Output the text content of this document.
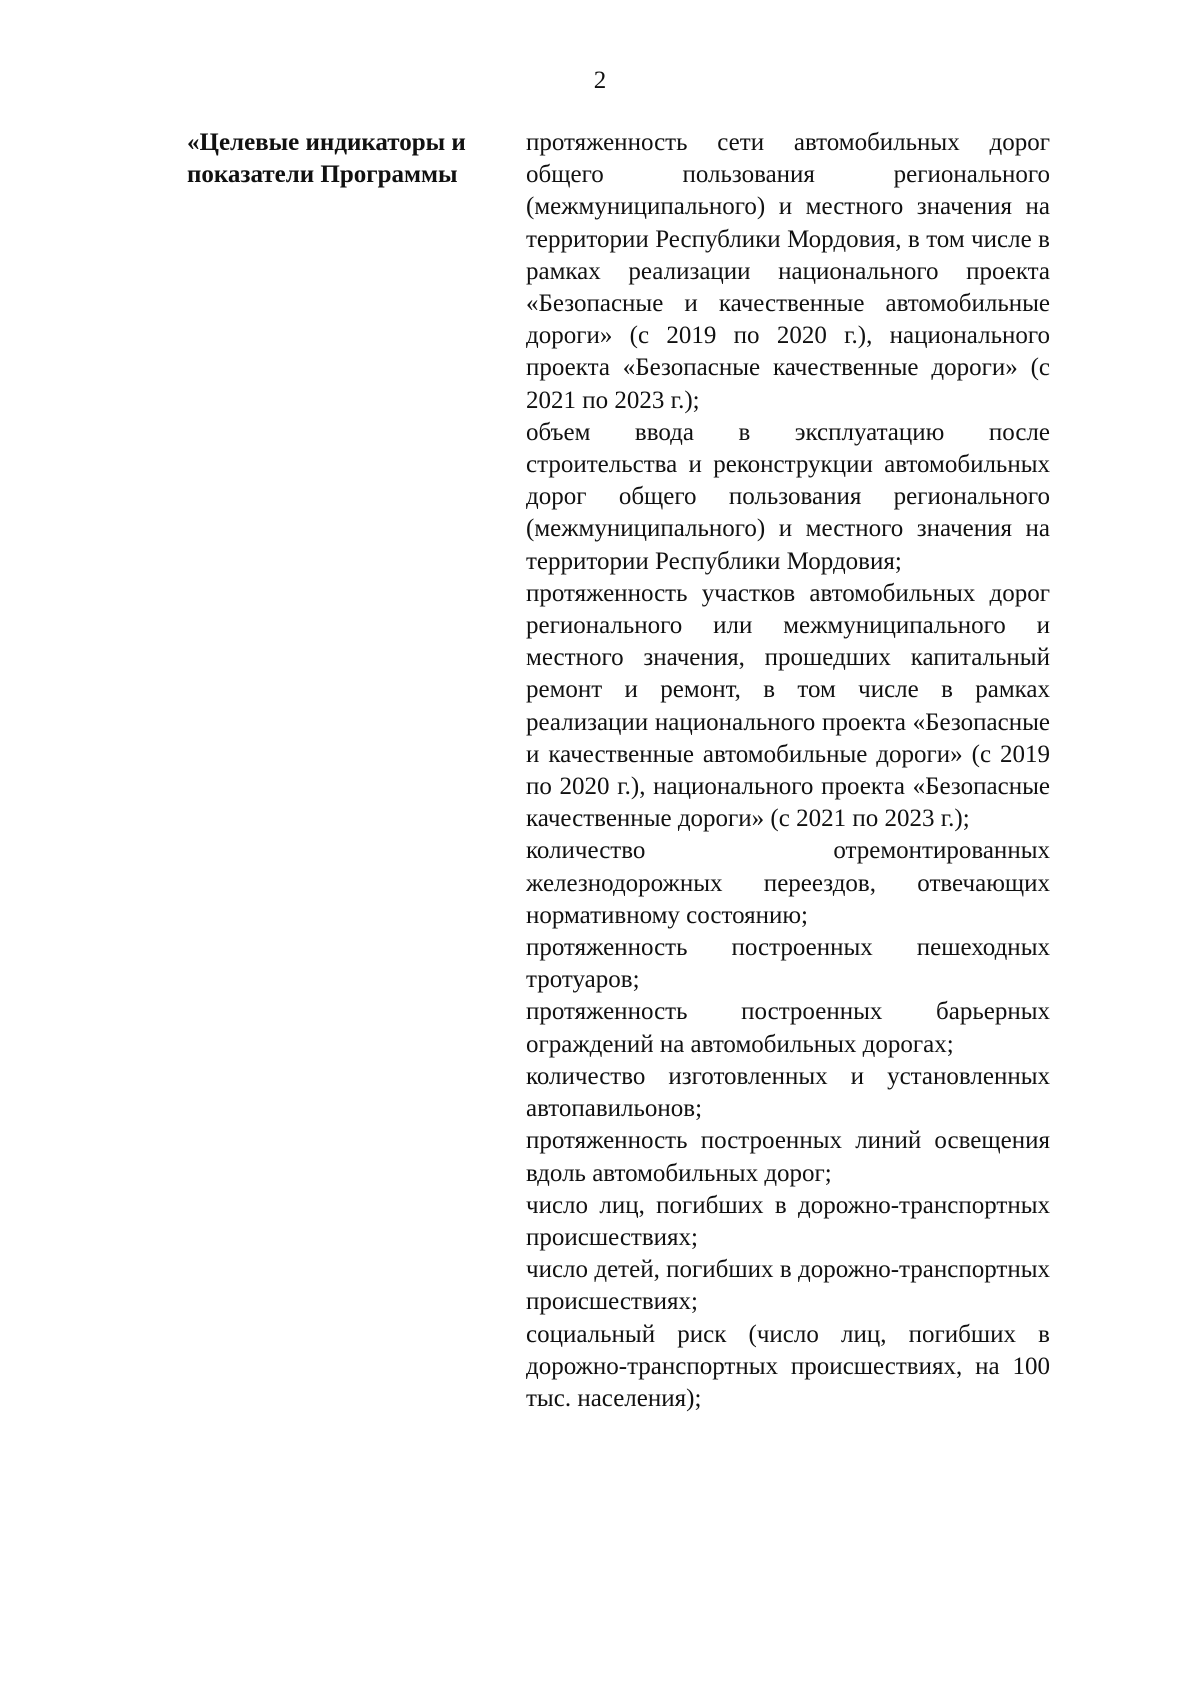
2
«Целевые индикаторы и
показатели Программы

протяженность сети автомобильных дорог общего пользования регионального (межмуниципального) и местного значения на территории Республики Мордовия, в том числе в рамках реализации национального проекта «Безопасные и качественные автомобильные дороги» (с 2019 по 2020 г.), национального проекта «Безопасные качественные дороги» (с 2021 по 2023 г.);

объем ввода в эксплуатацию после строительства и реконструкции автомобильных дорог общего пользования регионального (межмуниципального) и местного значения на территории Республики Мордовия;

протяженность участков автомобильных дорог регионального или межмуниципального и местного значения, прошедших капитальный ремонт и ремонт, в том числе в рамках реализации национального проекта «Безопасные и качественные автомобильные дороги» (с 2019 по 2020 г.), национального проекта «Безопасные качественные дороги» (с 2021 по 2023 г.);

количество отремонтированных железнодорожных переездов, отвечающих нормативному состоянию;

протяженность построенных пешеходных тротуаров;

протяженность построенных барьерных ограждений на автомобильных дорогах;

количество изготовленных и установленных автопавильонов;

протяженность построенных линий освещения вдоль автомобильных дорог;

число лиц, погибших в дорожно-транспортных происшествиях;

число детей, погибших в дорожно-транспортных происшествиях;

социальный риск (число лиц, погибших в дорожно-транспортных происшествиях, на 100 тыс. населения);
